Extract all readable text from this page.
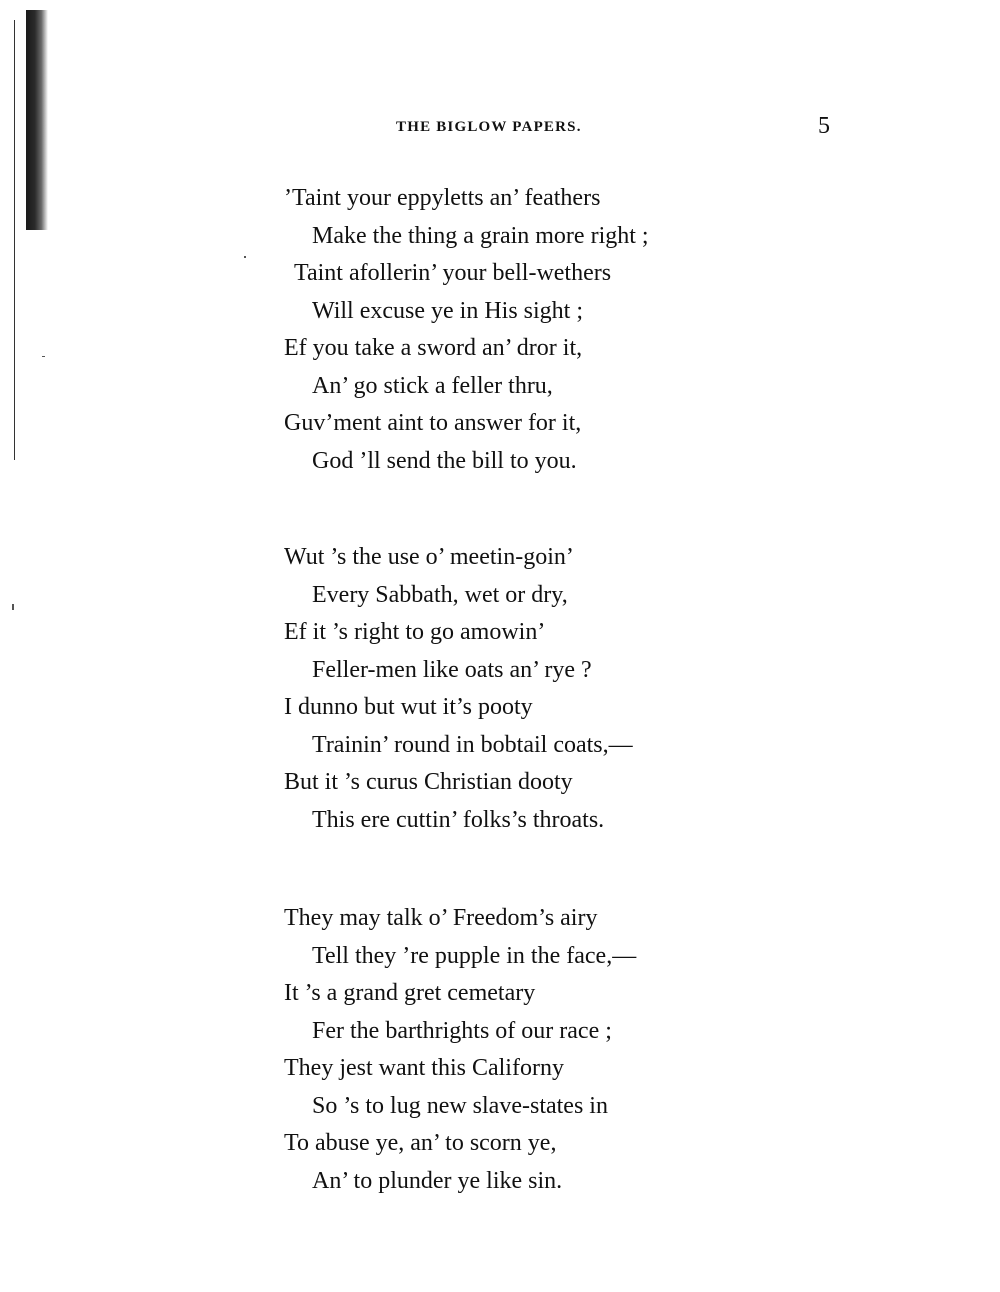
THE BIGLOW PAPERS.	5
’Taint your eppyletts an’ feathers
Make the thing a grain more right ;
Taint afollerin’ your bell-wethers
Will excuse ye in His sight ;
Ef you take a sword an’ dror it,
An’ go stick a feller thru,
Guv’ment aint to answer for it,
God ’ll send the bill to you.
Wut ’s the use o’ meetin-goin’
Every Sabbath, wet or dry,
Ef it ’s right to go amowin’
Feller-men like oats an’ rye ?
I dunno but wut it’s pooty
Trainin’ round in bobtail coats,—
But it ’s curus Christian dooty
This ere cuttin’ folks’s throats.
They may talk o’ Freedom’s airy
Tell they ’re pupple in the face,—
It ’s a grand gret cemetary
Fer the barthrights of our race ;
They jest want this Californy
So ’s to lug new slave-states in
To abuse ye, an’ to scorn ye,
An’ to plunder ye like sin.
